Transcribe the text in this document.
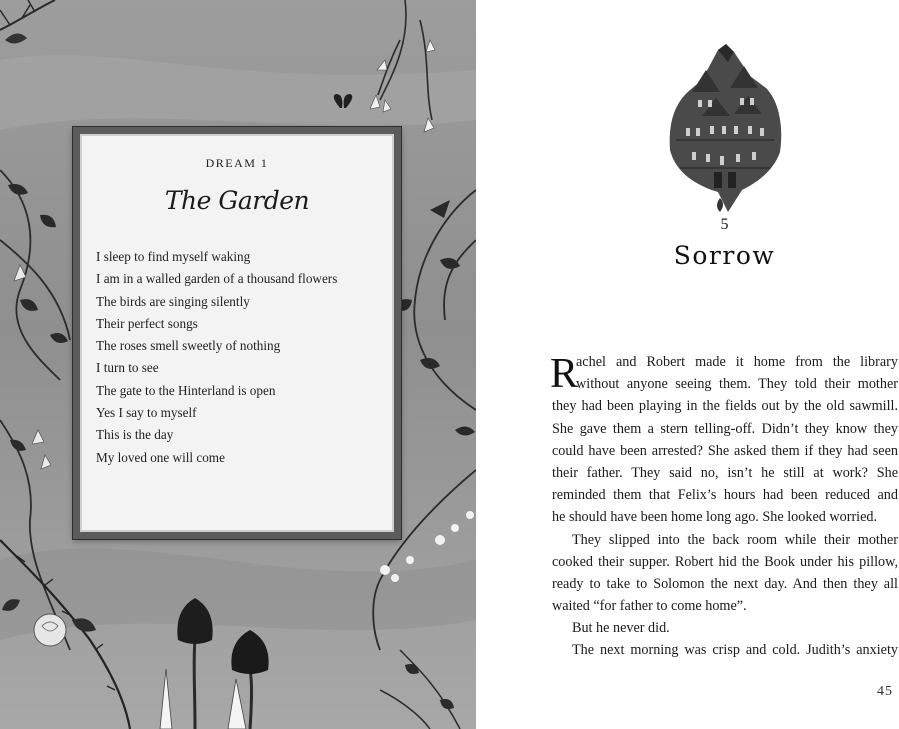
DREAM 1
The Garden
I sleep to find myself waking
I am in a walled garden of a thousand flowers
The birds are singing silently
Their perfect songs
The roses smell sweetly of nothing
I turn to see
The gate to the Hinterland is open
Yes I say to myself
This is the day
My loved one will come
5
Sorrow
R
achel and Robert made it home from the library
without anyone seeing them. They told their mother
they had been playing in the fields out by the old sawmill.
She gave them a stern telling-off. Didn’t they know they
could have been arrested? She asked them if they had seen
their father. They said no, isn’t he still at work? She
reminded them that Felix’s hours had been reduced and
he should have been home long ago. She looked worried.
They slipped into the back room while their mother
cooked their supper. Robert hid the Book under his pillow,
ready to take to Solomon the next day. And then they all
waited “for father to come home”.
But he never did.
The next morning was crisp and cold. Judith’s anxiety
45
